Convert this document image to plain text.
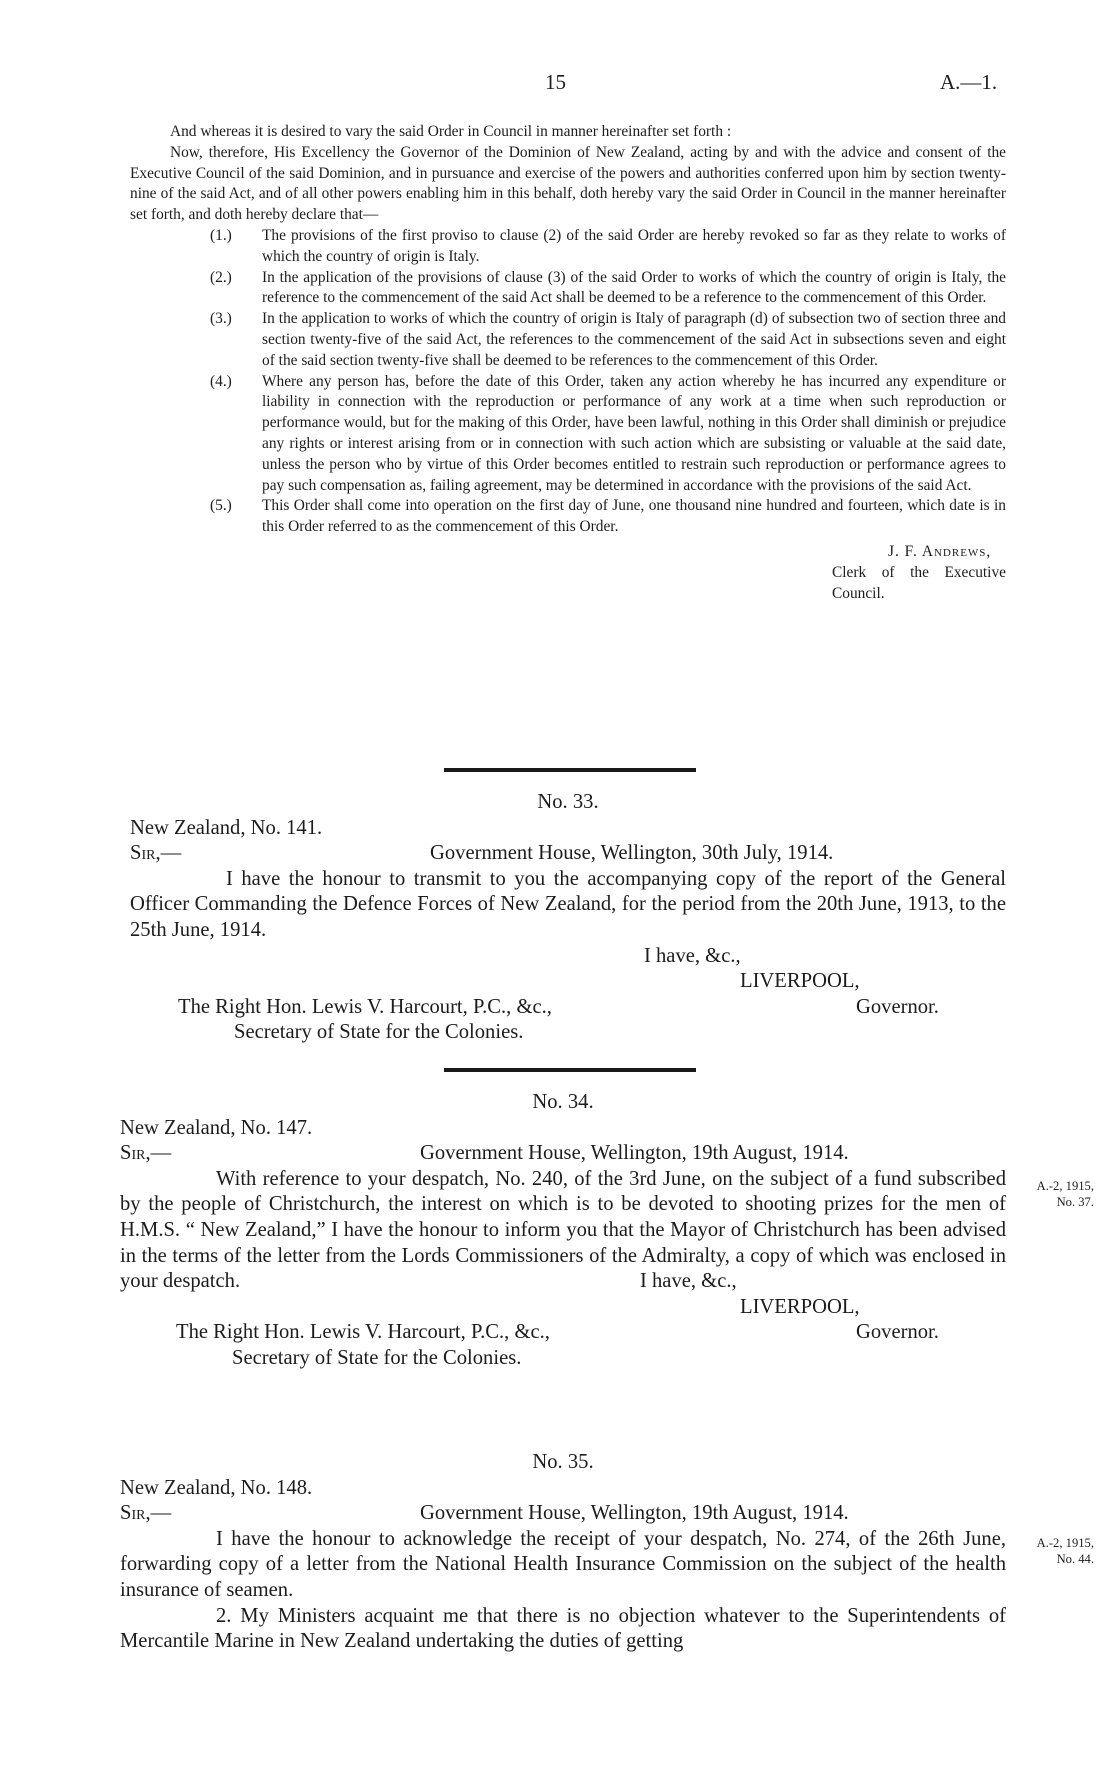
15	A.—1.

And whereas it is desired to vary the said Order in Council in manner hereinafter set forth :

Now, therefore, His Excellency the Governor of the Dominion of New Zealand, acting by and with the advice and consent of the Executive Council of the said Dominion, and in pursuance and exercise of the powers and authorities conferred upon him by section twenty-nine of the said Act, and of all other powers enabling him in this behalf, doth hereby vary the said Order in Council in the manner hereinafter set forth, and doth hereby declare that—

(1.)	The provisions of the first proviso to clause (2) of the said Order are hereby revoked so far as they relate to works of which the country of origin is Italy.
(2.)	In the application of the provisions of clause (3) of the said Order to works of which the country of origin is Italy, the reference to the commencement of the said Act shall be deemed to be a reference to the commencement of this Order.
(3.)	In the application to works of which the country of origin is Italy of paragraph (d) of subsection two of section three and section twenty-five of the said Act, the references to the commencement of the said Act in subsections seven and eight of the said section twenty-five shall be deemed to be references to the commencement of this Order.
(4.)	Where any person has, before the date of this Order, taken any action whereby he has incurred any expenditure or liability in connection with the reproduction or performance of any work at a time when such reproduction or performance would, but for the making of this Order, have been lawful, nothing in this Order shall diminish or prejudice any rights or interest arising from or in connection with such action which are subsisting or valuable at the said date, unless the person who by virtue of this Order becomes entitled to restrain such reproduction or performance agrees to pay such compensation as, failing agreement, may be determined in accordance with the provisions of the said Act.
(5.)	This Order shall come into operation on the first day of June, one thousand nine hundred and fourteen, which date is in this Order referred to as the commencement of this Order.
J. F. Andrews,
Clerk of the Executive Council.

No. 33.

New Zealand, No. 141.

Sir,—	Government House, Wellington, 30th July, 1914.

I have the honour to transmit to you the accompanying copy of the report of the General Officer Commanding the Defence Forces of New Zealand, for the period from the 20th June, 1913, to the 25th June, 1914.

I have, &c.,
LIVERPOOL,
The Right Hon. Lewis V. Harcourt, P.C., &c.,	Governor.

Secretary of State for the Colonies.

No. 34.

New Zealand, No. 147.

Sir,—	Government House, Wellington, 19th August, 1914.

With reference to your despatch, No. 240, of the 3rd June, on the subject of a fund subscribed by the people of Christchurch, the interest on which is to be devoted to shooting prizes for the men of H.M.S. “ New Zealand,” I have the honour to inform you that the Mayor of Christchurch has been advised in the terms of the letter from the Lords Commissioners of the Admiralty, a copy of which was enclosed in your despatch.

LIVERPOOL,
The Right Hon. Lewis V. Harcourt, P.C., &c.,	Governor.

Secretary of State for the Colonies.

I have, &c.,
A.-2, 1915,
No. 37.

No. 35.

New Zealand, No. 148.

Sir,—	Government House, Wellington, 19th August, 1914.

I have the honour to acknowledge the receipt of your despatch, No. 274, of the 26th June, forwarding copy of a letter from the National Health Insurance Commission on the subject of the health insurance of seamen.

2. My Ministers acquaint me that there is no objection whatever to the Superintendents of Mercantile Marine in New Zealand undertaking the duties of getting

A.-2, 1915,
No. 44.
